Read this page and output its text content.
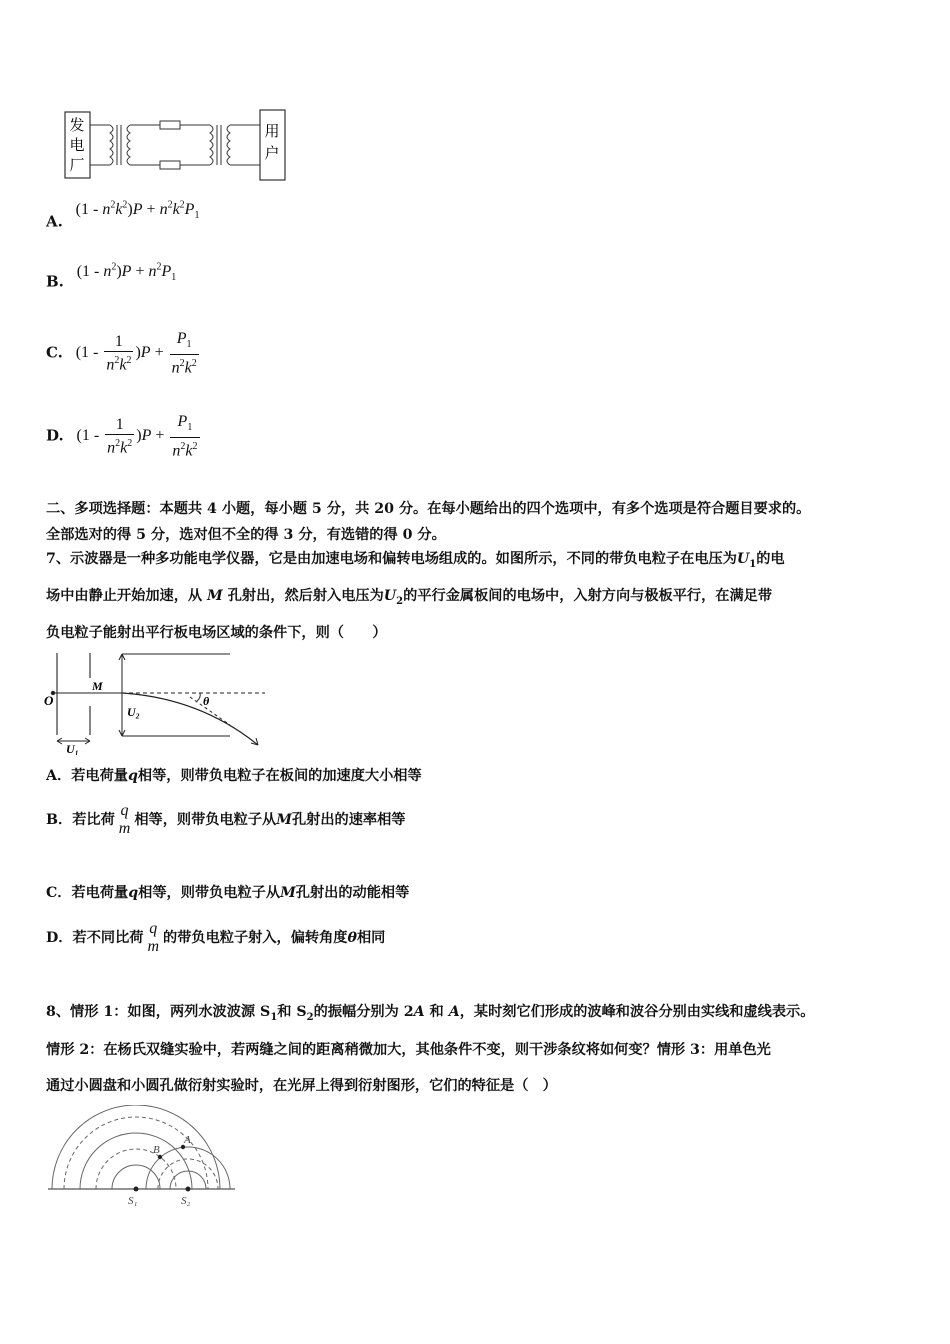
发
电
厂
用
户
A. $(1 - n^2k^2)P + n^2k^2P_1$
B. $(1 - n^2)P + n^2P_1$
C. $(1 - \frac{1}{n^2k^2} )P + \frac{P_1}{n^2k^2}$
D. $(1 - \frac{1}{n^2k^2} )P + \frac{P_1}{n^2k^2}$
二、多项选择题：本题共 4 小题，每小题 5 分，共 20 分。在每小题给出的四个选项中，有多个选项是符合题目要求的。
全部选对的得 5 分，选对但不全的得 3 分，有选错的得 0 分。
7、示波器是一种多功能电学仪器，它是由加速电场和偏转电场组成的。如图所示，不同的带负电粒子在电压为$U_1$的电
场中由静止开始加速，从 M 孔射出，然后射入电压为$U_2$的平行金属板间的电场中，入射方向与极板平行，在满足带
负电粒子能射出平行板电场区域的条件下，则（　　）
O
M
U₂
θ
U₁
A．若电荷量q相等，则带负电粒子在板间的加速度大小相等
B．若比荷
q
m 相等，则带负电粒子从M孔射出的速率相等
C．若电荷量q相等，则带负电粒子从M孔射出的动能相等
D．若不同比荷
q
m 的带负电粒子射入，偏转角度θ相同
8、情形 1：如图，两列水波波源 $S_1$和 $S_2$的振幅分别为 2A 和 A，某时刻它们形成的波峰和波谷分别由实线和虚线表示。
情形 2：在杨氏双缝实验中，若两缝之间的距离稍微加大，其他条件不变，则干涉条纹将如何变？情形 3：用单色光
通过小圆盘和小圆孔做衍射实验时，在光屏上得到衍射图形，它们的特征是（　）
A
B
S₁	S₂
